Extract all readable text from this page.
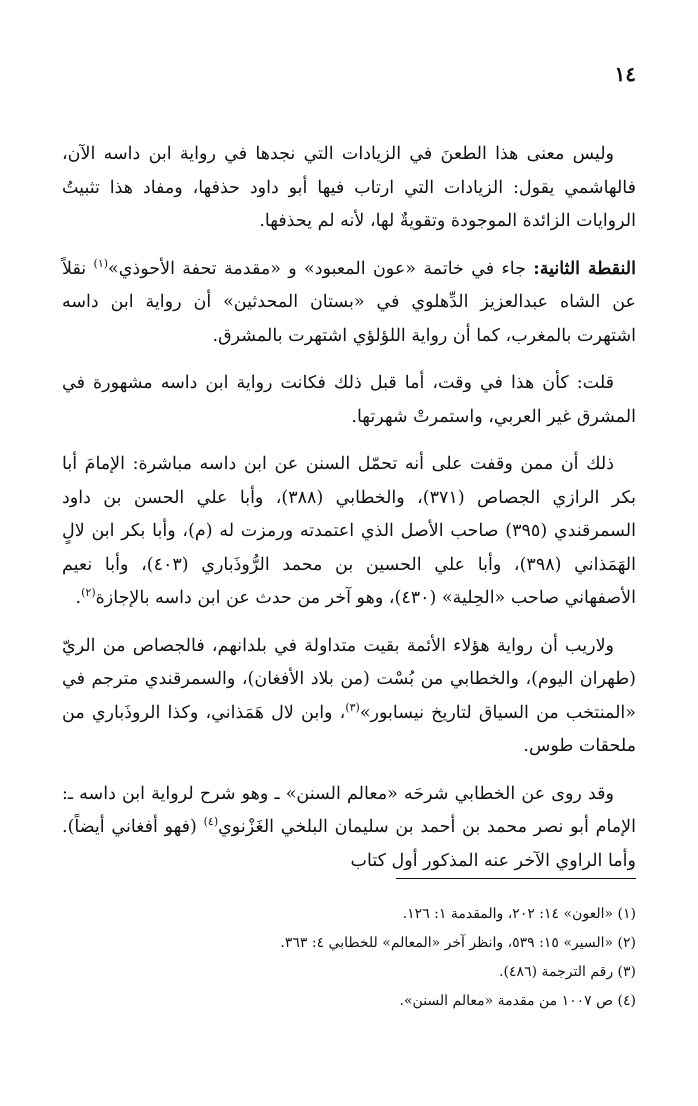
١٤

وليس معنى هذا الطعنَ في الزيادات التي نجدها في رواية ابن داسه الآن، فالهاشمي يقول: الزيادات التي ارتاب فيها أبو داود حذفها، ومفاد هذا تثبيتُ الروايات الزائدة الموجودة وتقويةٌ لها، لأنه لم يحذفها.

النقطة الثانية: جاء في خاتمة «عون المعبود» و «مقدمة تحفة الأحوذي»$^{(١)}$ نقلاً عن الشاه عبدالعزيز الدِّهلوي في «بستان المحدثين» أن رواية ابن داسه اشتهرت بالمغرب، كما أن رواية اللؤلؤي اشتهرت بالمشرق.

قلت: كأن هذا في وقت، أما قبل ذلك فكانت رواية ابن داسه مشهورة في المشرق غير العربي، واستمرتْ شهرتها.

ذلك أن ممن وقفت على أنه تحمّل السنن عن ابن داسه مباشرة: الإمامَ أبا بكر الرازي الجصاص (٣٧١)، والخطابي (٣٨٨)، وأبا علي الحسن بن داود السمرقندي (٣٩٥) صاحب الأصل الذي اعتمدته ورمزت له (م)، وأبا بكر ابن لالٍ الهَمَذاني (٣٩٨)، وأبا علي الحسين بن محمد الرُّوذَباري (٤٠٣)، وأبا نعيم الأصفهاني صاحب «الحِلية» (٤٣٠)، وهو آخر من حدث عن ابن داسه بالإجازة$^{(٢)}$.

ولاريب أن رواية هؤلاء الأئمة بقيت متداولة في بلدانهم، فالجصاص من الريّ (طهران اليوم)، والخطابي من بُسْت (من بلاد الأفغان)، والسمرقندي مترجم في «المنتخب من السياق لتاريخ نيسابور»$^{(٣)}$، وابن لال هَمَذاني، وكذا الروذَباري من ملحقات طوس.

وقد روى عن الخطابي شرحَه «معالم السنن» ـ وهو شرح لرواية ابن داسه ـ: الإمام أبو نصر محمد بن أحمد بن سليمان البلخي الغَزْنوي$^{(٤)}$ (فهو أفغاني أيضاً). وأما الراوي الآخر عنه المذكور أول كتاب

(١) «العون» ١٤: ٢٠٢، والمقدمة ١: ١٢٦.
(٢) «السير» ١٥: ٥٣٩، وانظر آخر «المعالم» للخطابي ٤: ٣٦٣.
(٣) رقم الترجمة (٤٨٦).
(٤) ص ١٠٠٧ من مقدمة «معالم السنن».
